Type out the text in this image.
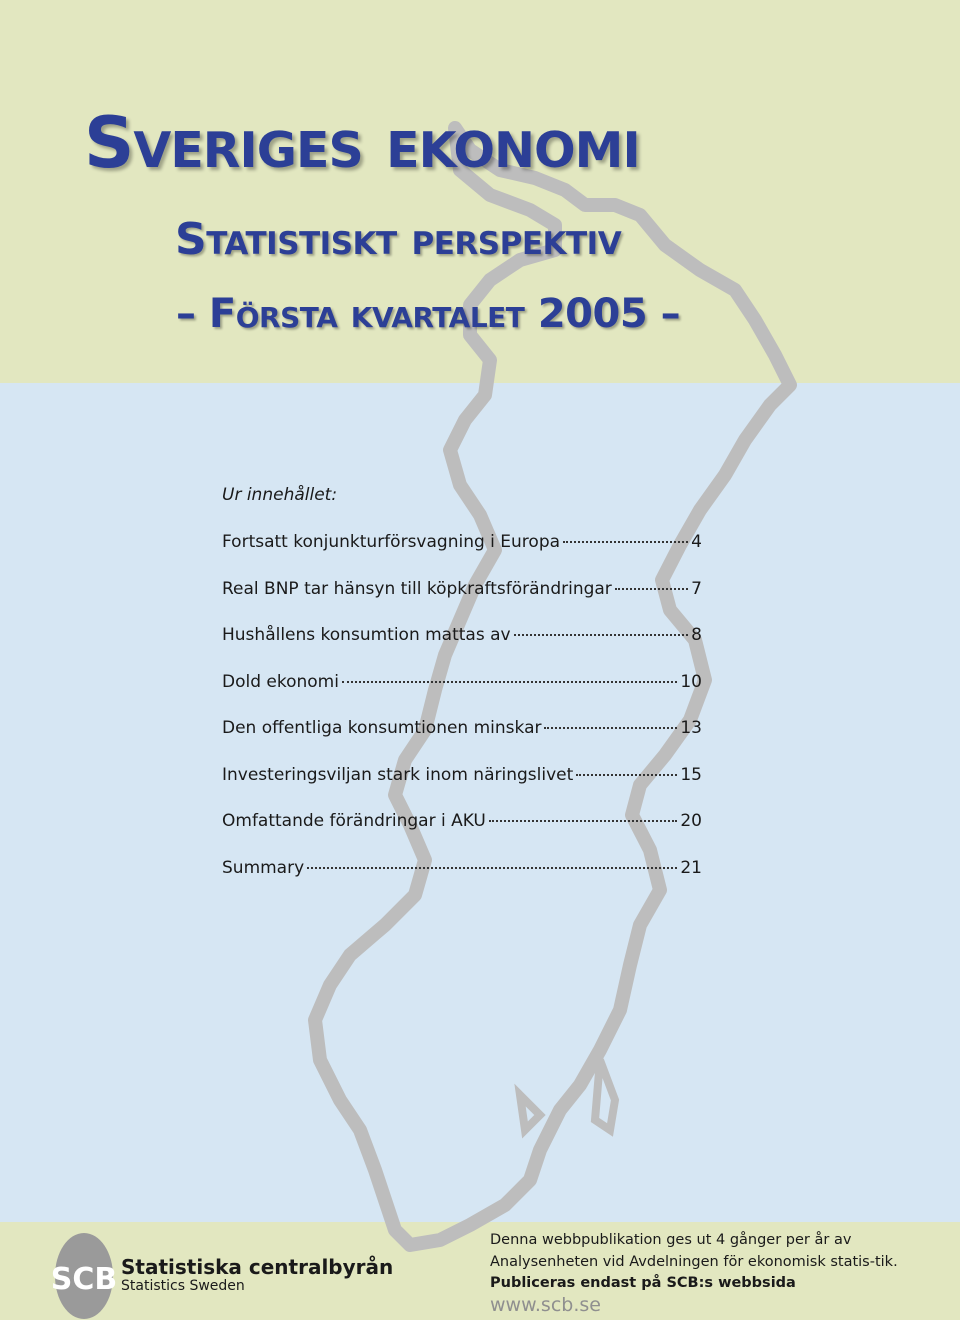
Sveriges ekonomi
Statistiskt perspektiv
– Första kvartalet 2005 –
Ur innehållet:
Fortsatt konjunkturförsvagning i Europa	4
Real BNP tar hänsyn till köpkraftsförändringar	7
Hushållens konsumtion mattas av	8
Dold ekonomi	10
Den offentliga konsumtionen minskar	13
Investeringsviljan stark inom näringslivet	15
Omfattande förändringar i AKU	20
Summary	21
SCB Statistiska centralbyrån
Statistics Sweden
Denna webbpublikation ges ut 4 gånger per år av Analysenheten vid Avdelningen för ekonomisk statis-tik.
Publiceras endast på SCB:s webbsida www.scb.se
